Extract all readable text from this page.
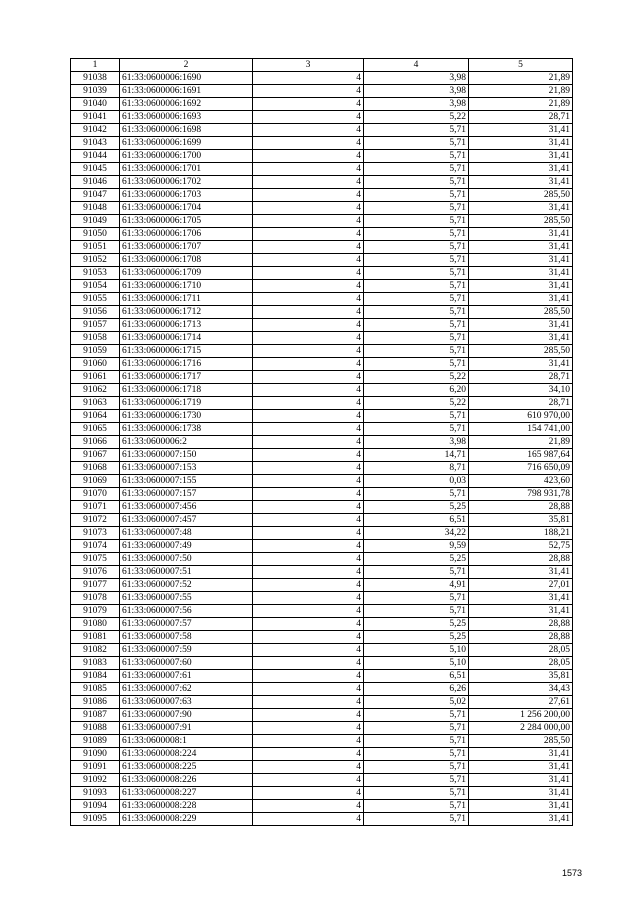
1	2	3	4	5
91038	61:33:0600006:1690	4	3,98	21,89
91039	61:33:0600006:1691	4	3,98	21,89
91040	61:33:0600006:1692	4	3,98	21,89
91041	61:33:0600006:1693	4	5,22	28,71
91042	61:33:0600006:1698	4	5,71	31,41
91043	61:33:0600006:1699	4	5,71	31,41
91044	61:33:0600006:1700	4	5,71	31,41
91045	61:33:0600006:1701	4	5,71	31,41
91046	61:33:0600006:1702	4	5,71	31,41
91047	61:33:0600006:1703	4	5,71	285,50
91048	61:33:0600006:1704	4	5,71	31,41
91049	61:33:0600006:1705	4	5,71	285,50
91050	61:33:0600006:1706	4	5,71	31,41
91051	61:33:0600006:1707	4	5,71	31,41
91052	61:33:0600006:1708	4	5,71	31,41
91053	61:33:0600006:1709	4	5,71	31,41
91054	61:33:0600006:1710	4	5,71	31,41
91055	61:33:0600006:1711	4	5,71	31,41
91056	61:33:0600006:1712	4	5,71	285,50
91057	61:33:0600006:1713	4	5,71	31,41
91058	61:33:0600006:1714	4	5,71	31,41
91059	61:33:0600006:1715	4	5,71	285,50
91060	61:33:0600006:1716	4	5,71	31,41
91061	61:33:0600006:1717	4	5,22	28,71
91062	61:33:0600006:1718	4	6,20	34,10
91063	61:33:0600006:1719	4	5,22	28,71
91064	61:33:0600006:1730	4	5,71	610 970,00
91065	61:33:0600006:1738	4	5,71	154 741,00
91066	61:33:0600006:2	4	3,98	21,89
91067	61:33:0600007:150	4	14,71	165 987,64
91068	61:33:0600007:153	4	8,71	716 650,09
91069	61:33:0600007:155	4	0,03	423,60
91070	61:33:0600007:157	4	5,71	798 931,78
91071	61:33:0600007:456	4	5,25	28,88
91072	61:33:0600007:457	4	6,51	35,81
91073	61:33:0600007:48	4	34,22	188,21
91074	61:33:0600007:49	4	9,59	52,75
91075	61:33:0600007:50	4	5,25	28,88
91076	61:33:0600007:51	4	5,71	31,41
91077	61:33:0600007:52	4	4,91	27,01
91078	61:33:0600007:55	4	5,71	31,41
91079	61:33:0600007:56	4	5,71	31,41
91080	61:33:0600007:57	4	5,25	28,88
91081	61:33:0600007:58	4	5,25	28,88
91082	61:33:0600007:59	4	5,10	28,05
91083	61:33:0600007:60	4	5,10	28,05
91084	61:33:0600007:61	4	6,51	35,81
91085	61:33:0600007:62	4	6,26	34,43
91086	61:33:0600007:63	4	5,02	27,61
91087	61:33:0600007:90	4	5,71	1 256 200,00
91088	61:33:0600007:91	4	5,71	2 284 000,00
91089	61:33:0600008:1	4	5,71	285,50
91090	61:33:0600008:224	4	5,71	31,41
91091	61:33:0600008:225	4	5,71	31,41
91092	61:33:0600008:226	4	5,71	31,41
91093	61:33:0600008:227	4	5,71	31,41
91094	61:33:0600008:228	4	5,71	31,41
91095	61:33:0600008:229	4	5,71	31,41
1573
